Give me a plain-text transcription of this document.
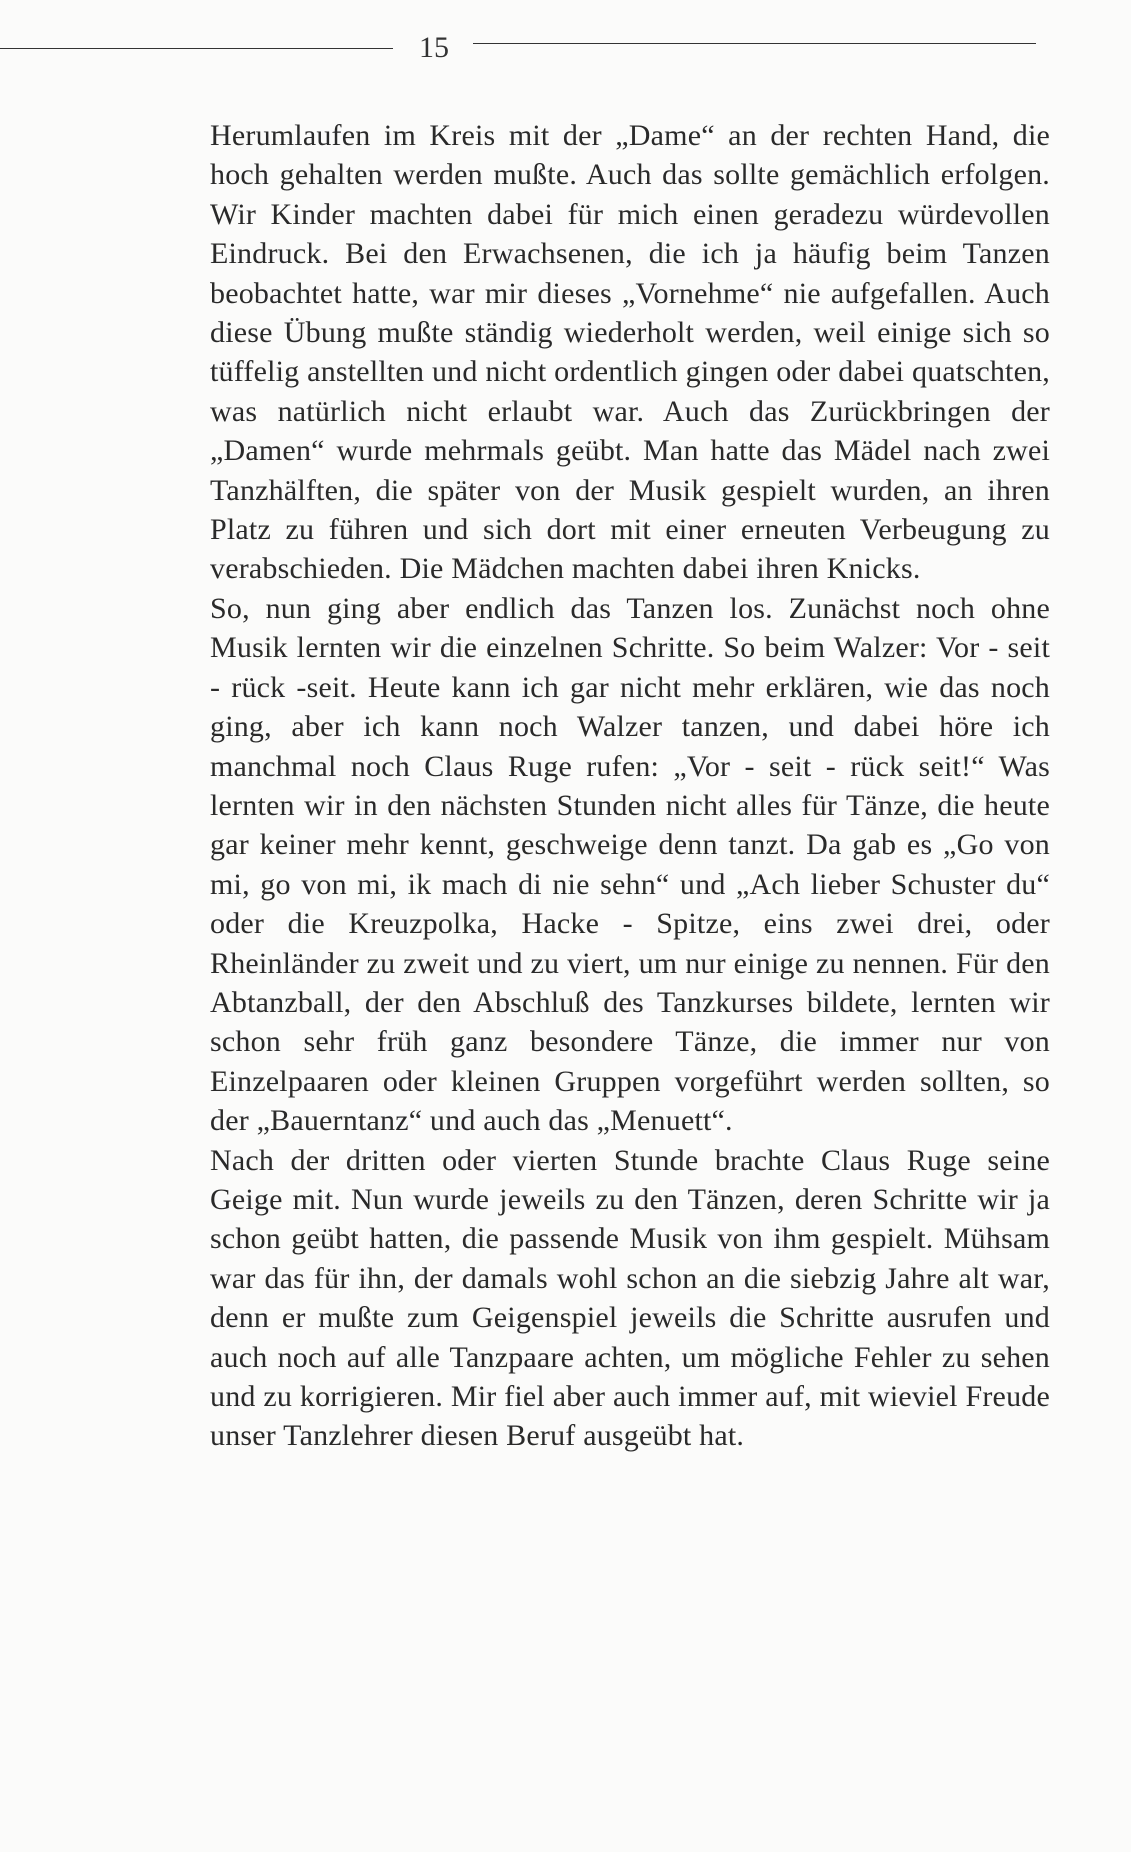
15

Herumlaufen im Kreis mit der „Dame“ an der rechten Hand, die hoch gehalten werden mußte. Auch das sollte gemächlich erfolgen. Wir Kinder machten dabei für mich einen geradezu würdevollen Eindruck. Bei den Erwachsenen, die ich ja häufig beim Tanzen beobachtet hatte, war mir dieses „Vornehme“ nie aufgefallen. Auch diese Übung mußte ständig wiederholt werden, weil einige sich so tüffelig anstellten und nicht ordentlich gingen oder dabei quatschten, was natürlich nicht erlaubt war. Auch das Zurückbringen der „Damen“ wurde mehrmals geübt. Man hatte das Mädel nach zwei Tanzhälften, die später von der Musik gespielt wurden, an ihren Platz zu führen und sich dort mit einer erneuten Verbeugung zu verabschieden. Die Mädchen machten dabei ihren Knicks.

So, nun ging aber endlich das Tanzen los. Zunächst noch ohne Musik lernten wir die einzelnen Schritte. So beim Walzer: Vor - seit - rück -seit. Heute kann ich gar nicht mehr erklären, wie das noch ging, aber ich kann noch Walzer tanzen, und dabei höre ich manchmal noch Claus Ruge rufen: „Vor - seit - rück seit!“ Was lernten wir in den nächsten Stunden nicht alles für Tänze, die heute gar keiner mehr kennt, geschweige denn tanzt. Da gab es „Go von mi, go von mi, ik mach di nie sehn“ und „Ach lieber Schuster du“ oder die Kreuzpolka, Hacke - Spitze, eins zwei drei, oder Rheinländer zu zweit und zu viert, um nur einige zu nennen. Für den Abtanzball, der den Abschluß des Tanzkurses bildete, lernten wir schon sehr früh ganz besondere Tänze, die immer nur von Einzelpaaren oder kleinen Gruppen vorgeführt werden sollten, so der „Bauerntanz“ und auch das „Menuett“.

Nach der dritten oder vierten Stunde brachte Claus Ruge seine Geige mit. Nun wurde jeweils zu den Tänzen, deren Schritte wir ja schon geübt hatten, die passende Musik von ihm gespielt. Mühsam war das für ihn, der damals wohl schon an die siebzig Jahre alt war, denn er mußte zum Geigenspiel jeweils die Schritte ausrufen und auch noch auf alle Tanzpaare achten, um mögliche Fehler zu sehen und zu korrigieren. Mir fiel aber auch immer auf, mit wieviel Freude unser Tanzlehrer diesen Beruf ausgeübt hat.
